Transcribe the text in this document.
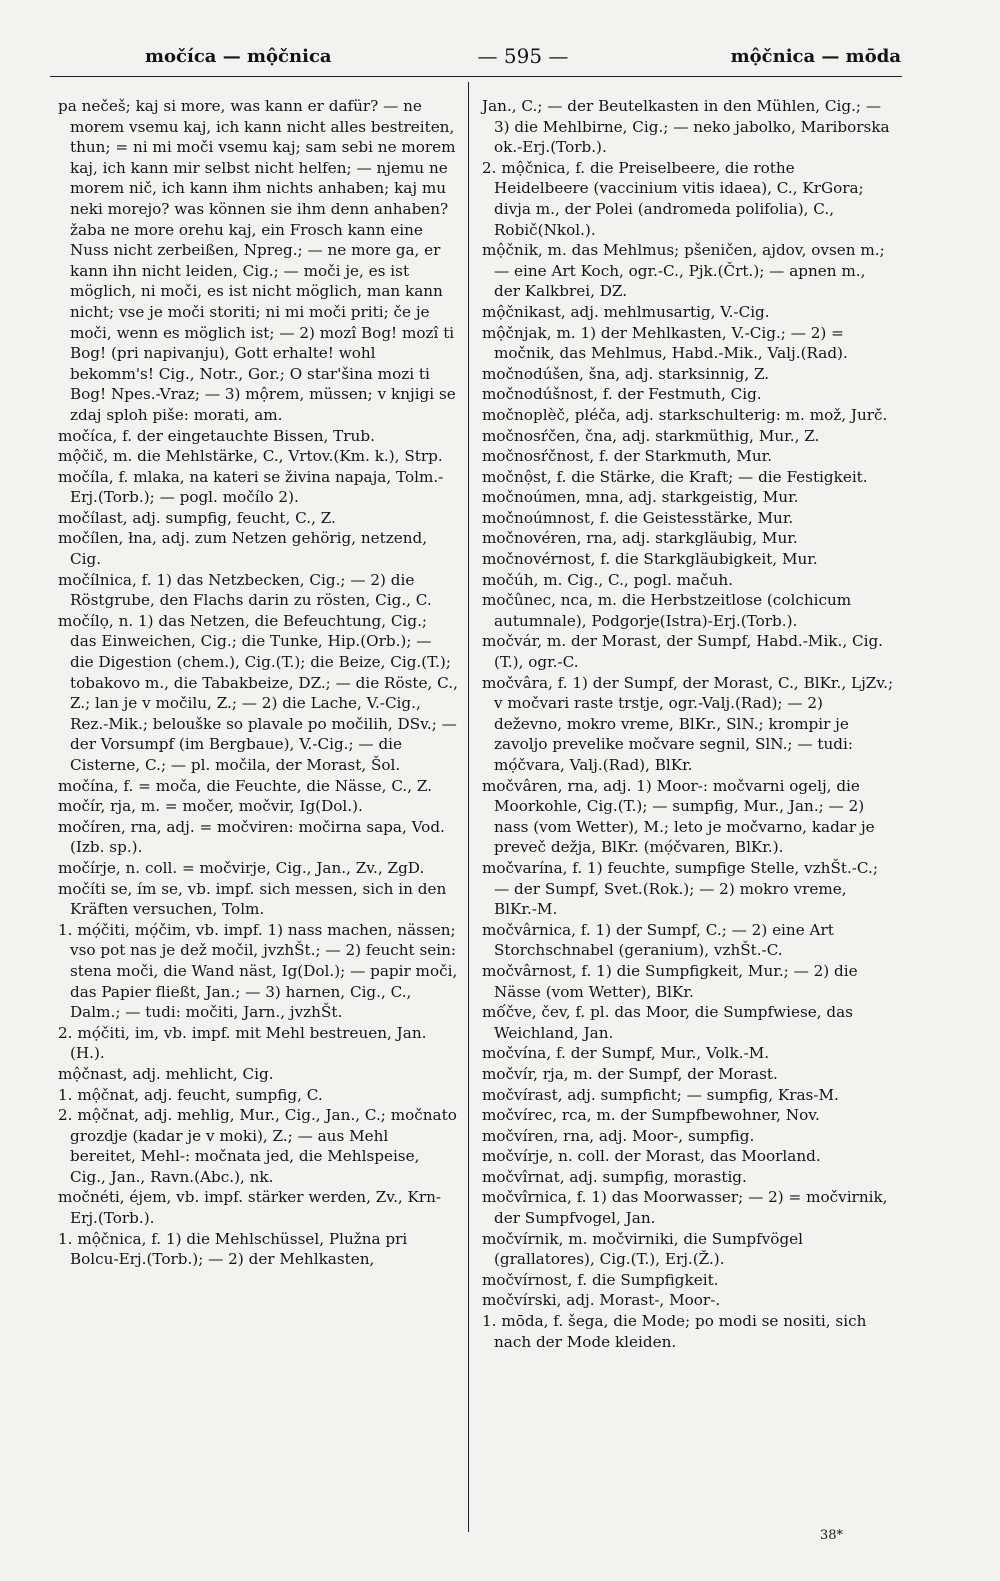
močíca — mộčnica	— 595 —	mộčnica — mōda

pa nečeš; kaj si more, was kann er dafür? — ne morem vsemu kaj, ich kann nicht alles bestreiten, thun; = ni mi moči vsemu kaj; sam sebi ne morem kaj, ich kann mir selbst nicht helfen; — njemu ne morem nič, ich kann ihm nichts anhaben; kaj mu neki morejo? was können sie ihm denn anhaben? žaba ne more orehu kaj, ein Frosch kann eine Nuss nicht zerbeißen, Npreg.; — ne more ga, er kann ihn nicht leiden, Cig.; — moči je, es ist möglich, ni moči, es ist nicht möglich, man kann nicht; vse je moči storiti; ni mi moči priti; če je moči, wenn es möglich ist; — 2) mozî Bog! mozî ti Bog! (pri napivanju), Gott erhalte! wohl bekomm's! Cig., Notr., Gor.; O star'šina mozi ti Bog! Npes.-Vraz; — 3) mộrem, müssen; v knjigi se zdaj sploh piše: morati, am.

močíca, f. der eingetauchte Bissen, Trub.

mộčič, m. die Mehlstärke, C., Vrtov.(Km. k.), Strp.

močíla, f. mlaka, na kateri se živina napaja, Tolm.-Erj.(Torb.); — pogl. močílo 2).

močílast, adj. sumpfig, feucht, C., Z.

močílen, łna, adj. zum Netzen gehörig, netzend, Cig.

močílnica, f. 1) das Netzbecken, Cig.; — 2) die Röstgrube, den Flachs darin zu rösten, Cig., C.

močílọ, n. 1) das Netzen, die Befeuchtung, Cig.; das Einweichen, Cig.; die Tunke, Hip.(Orb.); — die Digestion (chem.), Cig.(T.); die Beize, Cig.(T.); tobakovo m., die Tabakbeize, DZ.; — die Röste, C., Z.; lan je v močilu, Z.; — 2) die Lache, V.-Cig., Rez.-Mik.; belouške so plavale po močilih, DSv.; — der Vorsumpf (im Bergbaue), V.-Cig.; — die Cisterne, C.; — pl. močila, der Morast, Šol.

močína, f. = moča, die Feuchte, die Nässe, C., Z.

močír, rja, m. = močer, močvir, Ig(Dol.).

močíren, rna, adj. = močviren: močirna sapa, Vod.(Izb. sp.).

močírje, n. coll. = močvirje, Cig., Jan., Zv., ZgD.

močíti se, ím se, vb. impf. sich messen, sich in den Kräften versuchen, Tolm.

1. mọ́čiti, mọ́čim, vb. impf. 1) nass machen, nässen; vso pot nas je dež močil, jvzhŠt.; — 2) feucht sein: stena moči, die Wand näst, Ig(Dol.); — papir moči, das Papier fließt, Jan.; — 3) harnen, Cig., C., Dalm.; — tudi: močiti, Jarn., jvzhŠt.

2. mọ́čiti, im, vb. impf. mit Mehl bestreuen, Jan.(H.).

mộčnast, adj. mehlicht, Cig.

1. mộčnat, adj. feucht, sumpfig, C.

2. mộčnat, adj. mehlig, Mur., Cig., Jan., C.; močnato grozdje (kadar je v moki), Z.; — aus Mehl bereitet, Mehl-: močnata jed, die Mehlspeise, Cig., Jan., Ravn.(Abc.), nk.

močnéti, éjem, vb. impf. stärker werden, Zv., Krn-Erj.(Torb.).

1. mộčnica, f. 1) die Mehlschüssel, Plužna pri Bolcu-Erj.(Torb.); — 2) der Mehlkasten,

Jan., C.; — der Beutelkasten in den Mühlen, Cig.; — 3) die Mehlbirne, Cig.; — neko jabolko, Mariborska ok.-Erj.(Torb.).

2. mộčnica, f. die Preiselbeere, die rothe Heidelbeere (vaccinium vitis idaea), C., KrGora; divja m., der Polei (andromeda polifolia), C., Robič(Nkol.).

mộčnik, m. das Mehlmus; pšeničen, ajdov, ovsen m.; — eine Art Koch, ogr.-C., Pjk.(Črt.); — apnen m., der Kalkbrei, DZ.

mộčnikast, adj. mehlmusartig, V.-Cig.

mộčnjak, m. 1) der Mehlkasten, V.-Cig.; — 2) = močnik, das Mehlmus, Habd.-Mik., Valj.(Rad).

močnodúšen, šna, adj. starksinnig, Z.

močnodúšnost, f. der Festmuth, Cig.

močnoplèč, pléča, adj. starkschulterig: m. mož, Jurč.

močnosŕčen, čna, adj. starkmüthig, Mur., Z.

močnosŕčnost, f. der Starkmuth, Mur.

močnộst, f. die Stärke, die Kraft; — die Festigkeit.

močnoúmen, mna, adj. starkgeistig, Mur.

močnoúmnost, f. die Geistesstärke, Mur.

močnovéren, rna, adj. starkgläubig, Mur.

močnovérnost, f. die Starkgläubigkeit, Mur.

močúh, m. Cig., C., pogl. mačuh.

močûnec, nca, m. die Herbstzeitlose (colchicum autumnale), Podgorje(Istra)-Erj.(Torb.).

močvár, m. der Morast, der Sumpf, Habd.-Mik., Cig.(T.), ogr.-C.

močvâra, f. 1) der Sumpf, der Morast, C., BlKr., LjZv.; v močvari raste trstje, ogr.-Valj.(Rad); — 2) deževno, mokro vreme, BlKr., SlN.; krompir je zavoljo prevelike močvare segnil, SlN.; — tudi: mọ́čvara, Valj.(Rad), BlKr.

močvâren, rna, adj. 1) Moor-: močvarni ogelj, die Moorkohle, Cig.(T.); — sumpfig, Mur., Jan.; — 2) nass (vom Wetter), M.; leto je močvarno, kadar je preveč dežja, BlKr. (mọ́čvaren, BlKr.).

močvarína, f. 1) feuchte, sumpfige Stelle, vzhŠt.-C.; — der Sumpf, Svet.(Rok.); — 2) mokro vreme, BlKr.-M.

močvârnica, f. 1) der Sumpf, C.; — 2) eine Art Storchschnabel (geranium), vzhŠt.-C.

močvârnost, f. 1) die Sumpfigkeit, Mur.; — 2) die Nässe (vom Wetter), BlKr.

mốčve, čev, f. pl. das Moor, die Sumpfwiese, das Weichland, Jan.

močvína, f. der Sumpf, Mur., Volk.-M.

močvír, rja, m. der Sumpf, der Morast.

močvírast, adj. sumpficht; — sumpfig, Kras-M.

močvírec, rca, m. der Sumpfbewohner, Nov.

močvíren, rna, adj. Moor-, sumpfig.

močvírje, n. coll. der Morast, das Moorland.

močvîrnat, adj. sumpfig, morastig.

močvîrnica, f. 1) das Moorwasser; — 2) = močvirnik, der Sumpfvogel, Jan.

močvírnik, m. močvirniki, die Sumpfvögel (grallatores), Cig.(T.), Erj.(Ž.).

močvírnost, f. die Sumpfigkeit.

močvírski, adj. Morast-, Moor-.

1. mōda, f. šega, die Mode; po modi se nositi, sich nach der Mode kleiden.

38*
